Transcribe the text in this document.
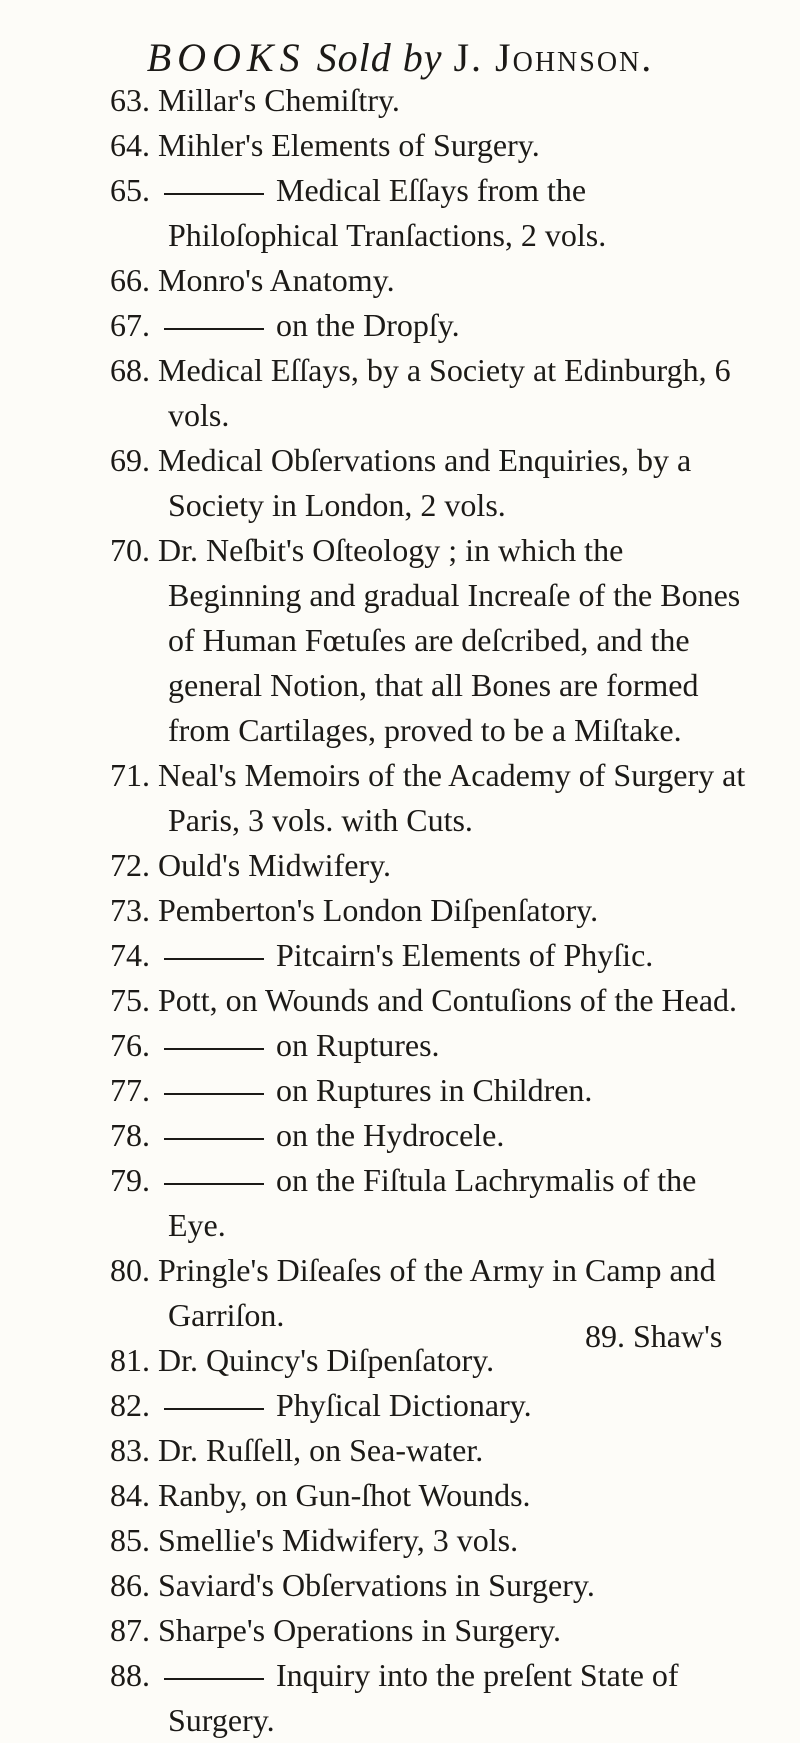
BOOKS Sold by J. Johnson.
63. Millar's Chemiſtry.
64. Mihler's Elements of Surgery.
65.	Medical Eſſays from the Philoſophical Tranſactions, 2 vols.
66. Monro's Anatomy.
67.	on the Dropſy.
68. Medical Eſſays, by a Society at Edinburgh, 6 vols.
69. Medical Obſervations and Enquiries, by a Society in London, 2 vols.
70. Dr. Neſbit's Oſteology ; in which the Beginning and gradual Increaſe of the Bones of Human Fœtuſes are deſcribed, and the general Notion, that all Bones are formed from Cartilages, proved to be a Miſtake.
71. Neal's Memoirs of the Academy of Surgery at Paris, 3 vols. with Cuts.
72. Ould's Midwifery.
73. Pemberton's London Diſpenſatory.
74.	Pitcairn's Elements of Phyſic.
75. Pott, on Wounds and Contuſions of the Head.
76.	on Ruptures.
77.	on Ruptures in Children.
78.	on the Hydrocele.
79.	on the Fiſtula Lachrymalis of the Eye.
80. Pringle's Diſeaſes of the Army in Camp and Garriſon.
81. Dr. Quincy's Diſpenſatory.
82.	Phyſical Dictionary.
83. Dr. Ruſſell, on Sea-water.
84. Ranby, on Gun-ſhot Wounds.
85. Smellie's Midwifery, 3 vols.
86. Saviard's Obſervations in Surgery.
87. Sharpe's Operations in Surgery.
88.	Inquiry into the preſent State of Surgery.
89. Shaw's
